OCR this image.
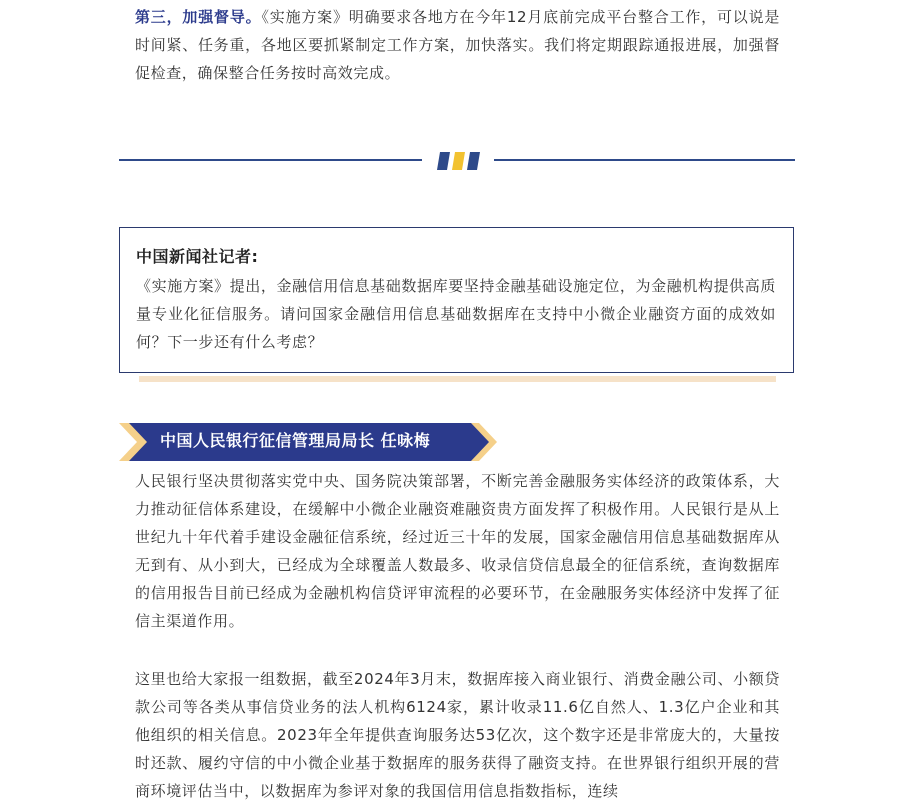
第三，加强督导。《实施方案》明确要求各地方在今年12月底前完成平台整合工作，可以说是时间紧、任务重，各地区要抓紧制定工作方案，加快落实。我们将定期跟踪通报进展，加强督促检查，确保整合任务按时高效完成。

中国新闻社记者:

《实施方案》提出，金融信用信息基础数据库要坚持金融基础设施定位，为金融机构提供高质量专业化征信服务。请问国家金融信用信息基础数据库在支持中小微企业融资方面的成效如何？下一步还有什么考虑？

中国人民银行征信管理局局长 任咏梅

人民银行坚决贯彻落实党中央、国务院决策部署，不断完善金融服务实体经济的政策体系，大力推动征信体系建设，在缓解中小微企业融资难融资贵方面发挥了积极作用。人民银行是从上世纪九十年代着手建设金融征信系统，经过近三十年的发展，国家金融信用信息基础数据库从无到有、从小到大，已经成为全球覆盖人数最多、收录信贷信息最全的征信系统，查询数据库的信用报告目前已经成为金融机构信贷评审流程的必要环节，在金融服务实体经济中发挥了征信主渠道作用。

这里也给大家报一组数据，截至2024年3月末，数据库接入商业银行、消费金融公司、小额贷款公司等各类从事信贷业务的法人机构6124家，累计收录11.6亿自然人、1.3亿户企业和其他组织的相关信息。2023年全年提供查询服务达53亿次，这个数字还是非常庞大的，大量按时还款、履约守信的中小微企业基于数据库的服务获得了融资支持。在世界银行组织开展的营商环境评估当中，以数据库为参评对象的我国信用信息指数指标，连续
